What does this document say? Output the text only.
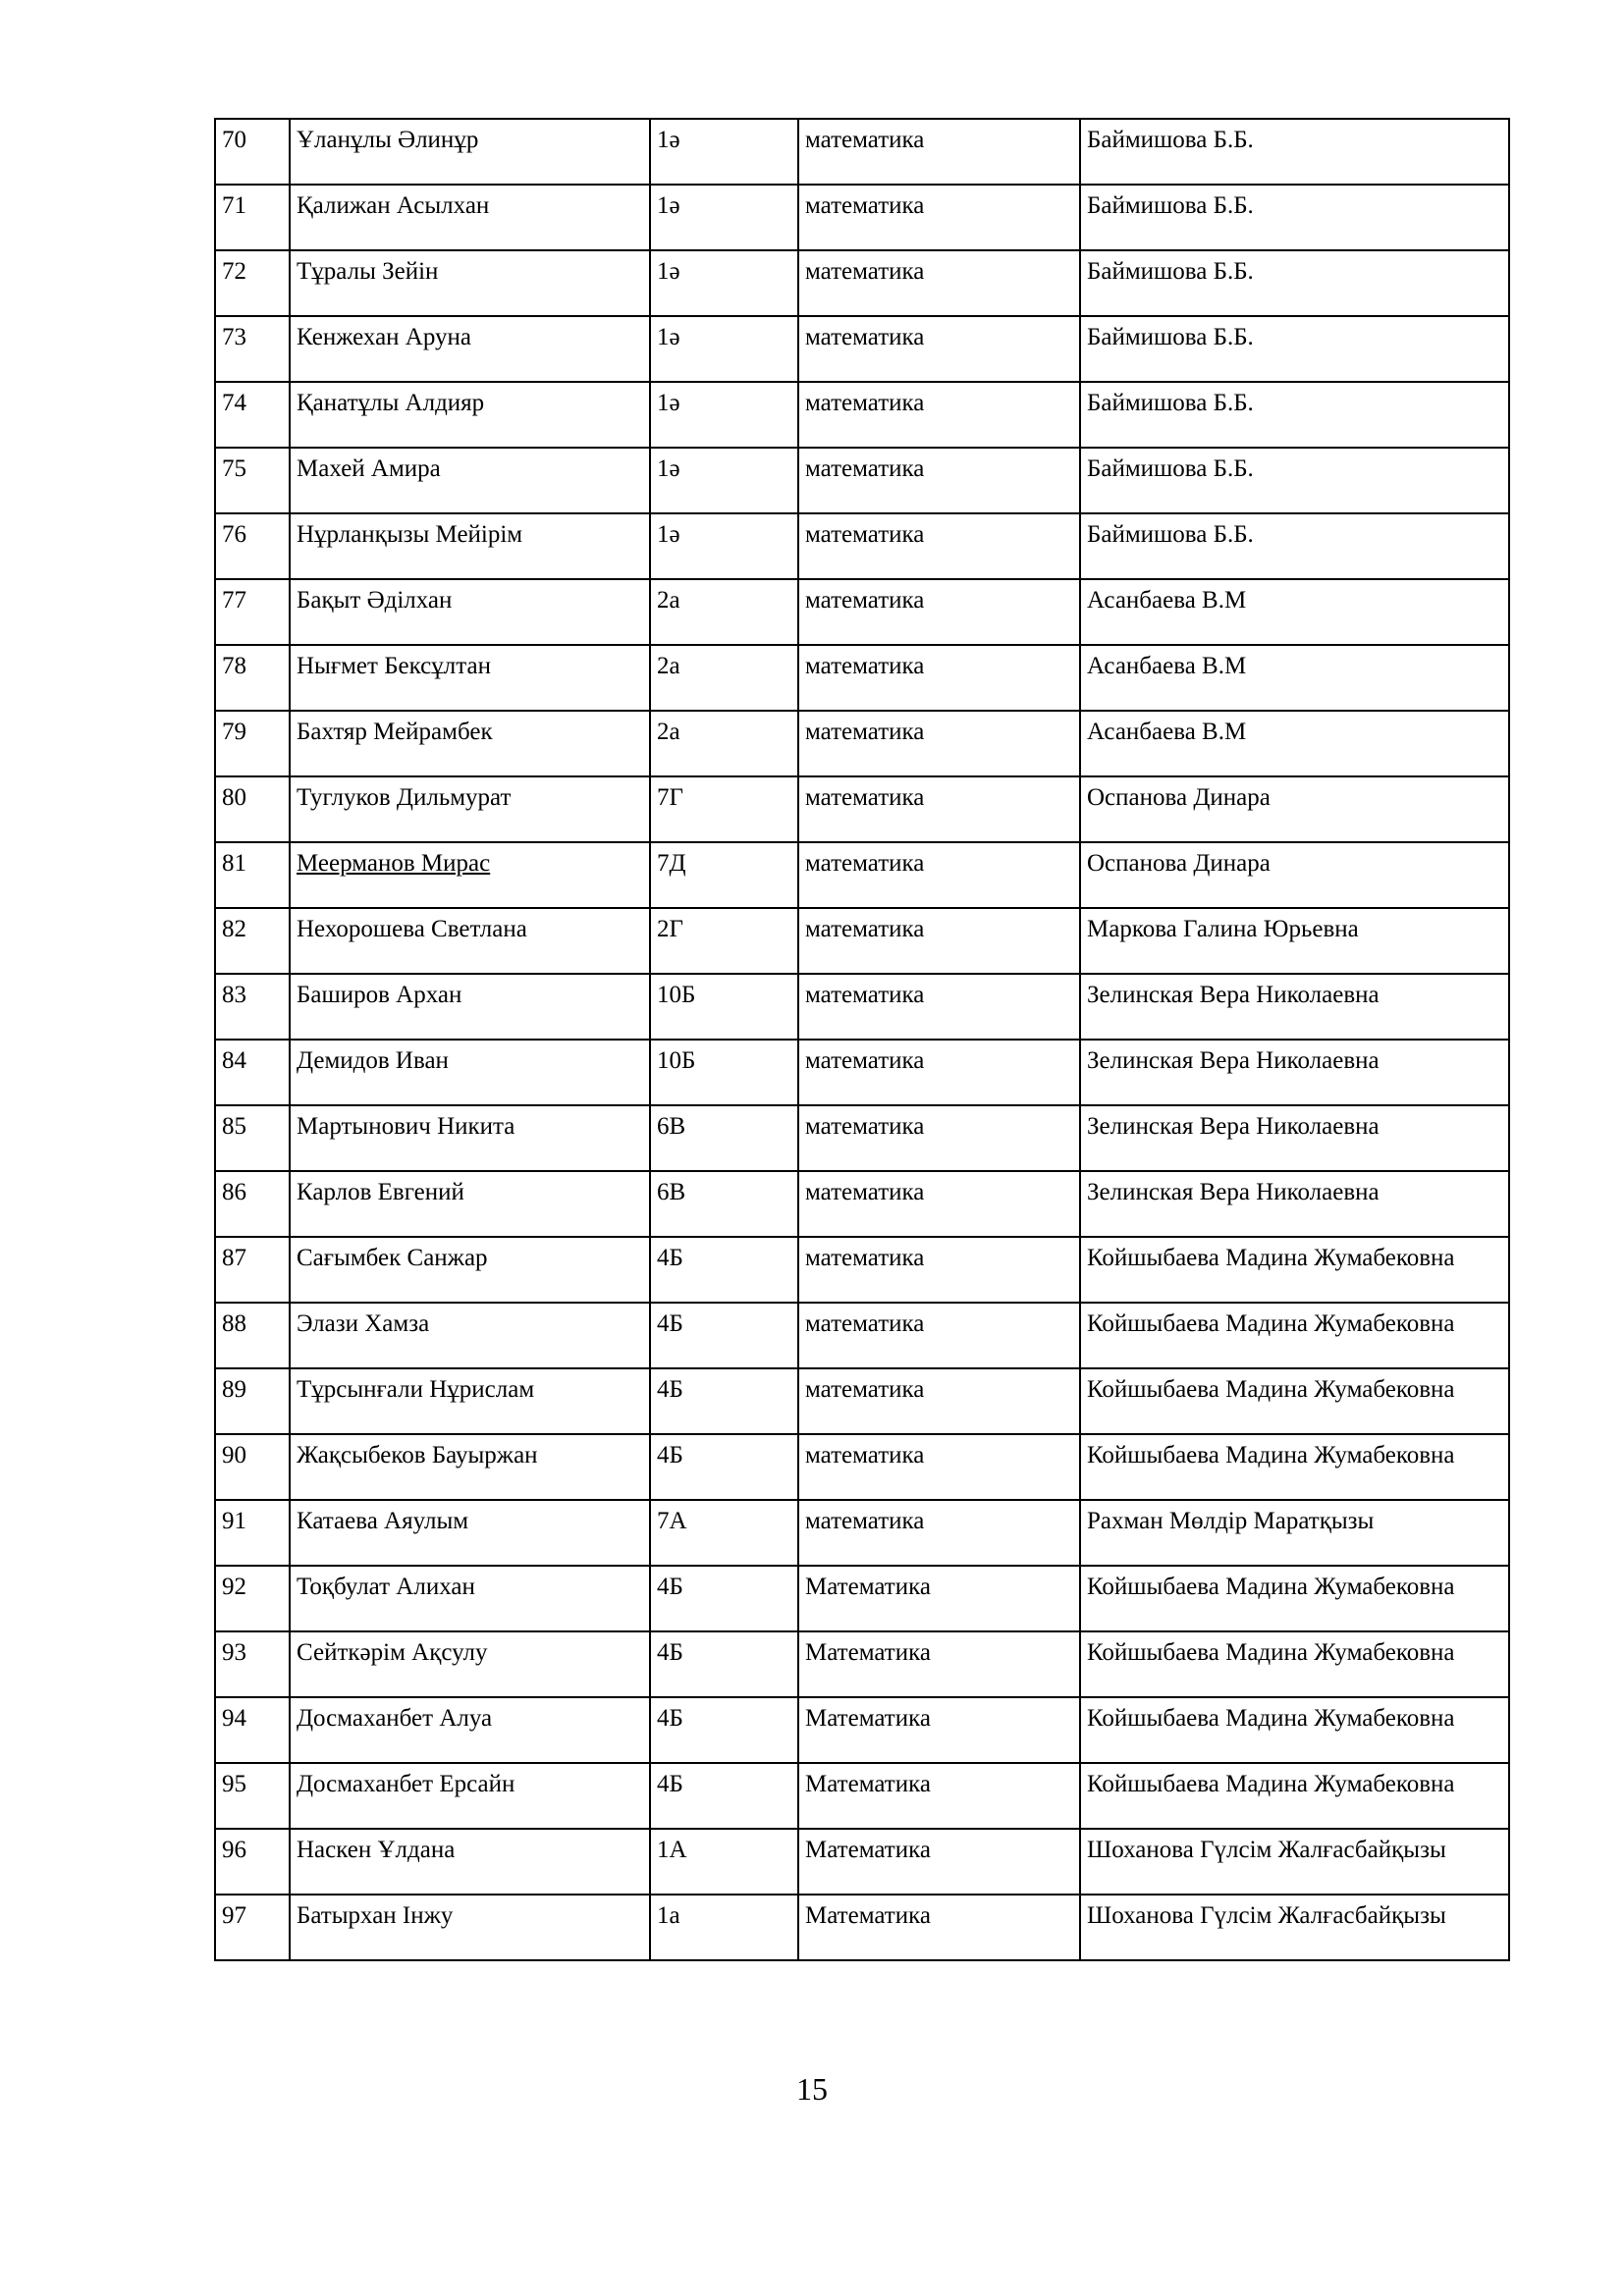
70	Ұланұлы Әлинұр	1ә	математика	Баймишова Б.Б.

71	Қалижан Асылхан	1ә	математика	Баймишова Б.Б.

72	Тұралы Зейін	1ә	математика	Баймишова Б.Б.

73	Кенжехан Аруна	1ә	математика	Баймишова Б.Б.

74	Қанатұлы Алдияр	1ә	математика	Баймишова Б.Б.

75	Махей Амира	1ә	математика	Баймишова Б.Б.

76	Нұрланқызы Мейірім	1ә	математика	Баймишова Б.Б.

77	Бақыт Әділхан	2а	математика	Асанбаева В.М

78	Нығмет Бексұлтан	2а	математика	Асанбаева В.М

79	Бахтяр Мейрамбек	2а	математика	Асанбаева В.М

80	Туглуков Дильмурат	7Г	математика	Оспанова Динара

81	Меерманов Мирас	7Д	математика	Оспанова Динара

82	Нехорошева Светлана	2Г	математика	Маркова Галина Юрьевна

83	Баширов Архан	10Б	математика	Зелинская Вера Николаевна

84	Демидов Иван	10Б	математика	Зелинская Вера Николаевна

85	Мартынович Никита	6В	математика	Зелинская Вера Николаевна

86	Карлов Евгений	6В	математика	Зелинская Вера Николаевна

87	Сағымбек Санжар	4Б	математика	Койшыбаева Мадина Жумабековна

88	Элази Хамза	4Б	математика	Койшыбаева Мадина Жумабековна

89	Тұрсынғали Нұрислам	4Б	математика	Койшыбаева Мадина Жумабековна

90	Жақсыбеков Бауыржан	4Б	математика	Койшыбаева Мадина Жумабековна

91	Катаева Аяулым	7А	математика	Рахман Мөлдір Маратқызы

92	Тоқбулат Алихан	4Б	Математика	Койшыбаева Мадина Жумабековна

93	Сейткәрім Ақсулу	4Б	Математика	Койшыбаева Мадина Жумабековна

94	Досмаханбет Алуа	4Б	Математика	Койшыбаева Мадина Жумабековна

95	Досмаханбет Ерсайн	4Б	Математика	Койшыбаева Мадина Жумабековна

96	Наскен Ұлдана	1А	Математика	Шоханова Гүлсім Жалғасбайқызы

97	Батырхан Інжу	1а	Математика	Шоханова Гүлсім Жалғасбайқызы
15
